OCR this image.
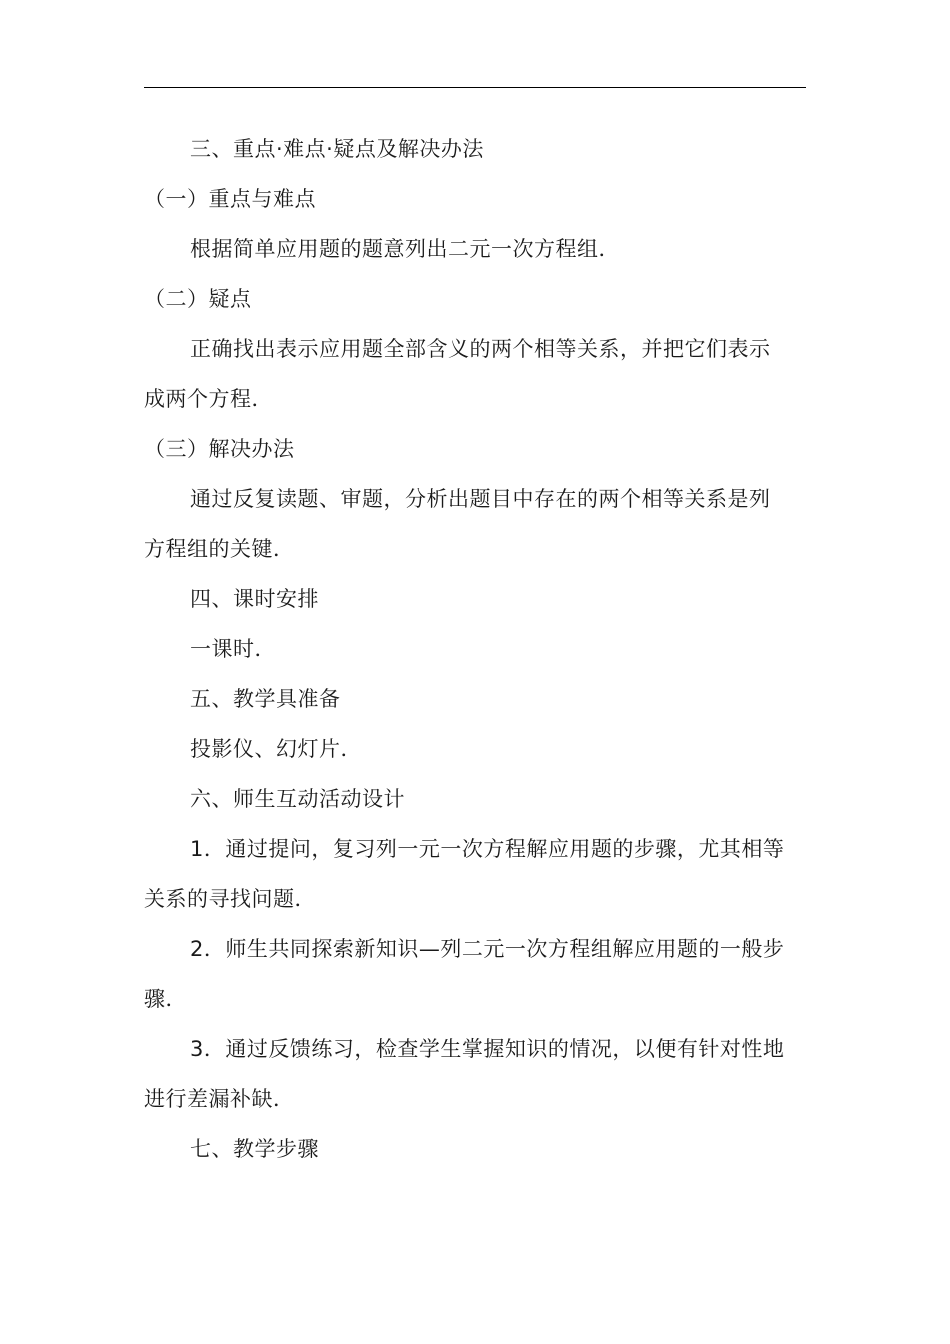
三、重点·难点·疑点及解决办法
（一）重点与难点
根据简单应用题的题意列出二元一次方程组．
（二）疑点
正确找出表示应用题全部含义的两个相等关系，并把它们表示
成两个方程．
（三）解决办法
通过反复读题、审题，分析出题目中存在的两个相等关系是列
方程组的关键．
四、课时安排
一课时．
五、教学具准备
投影仪、幻灯片．
六、师生互动活动设计
1．通过提问，复习列一元一次方程解应用题的步骤，尤其相等
关系的寻找问题．
2．师生共同探索新知识—列二元一次方程组解应用题的一般步
骤．
3．通过反馈练习，检查学生掌握知识的情况，以便有针对性地
进行差漏补缺．
七、教学步骤
